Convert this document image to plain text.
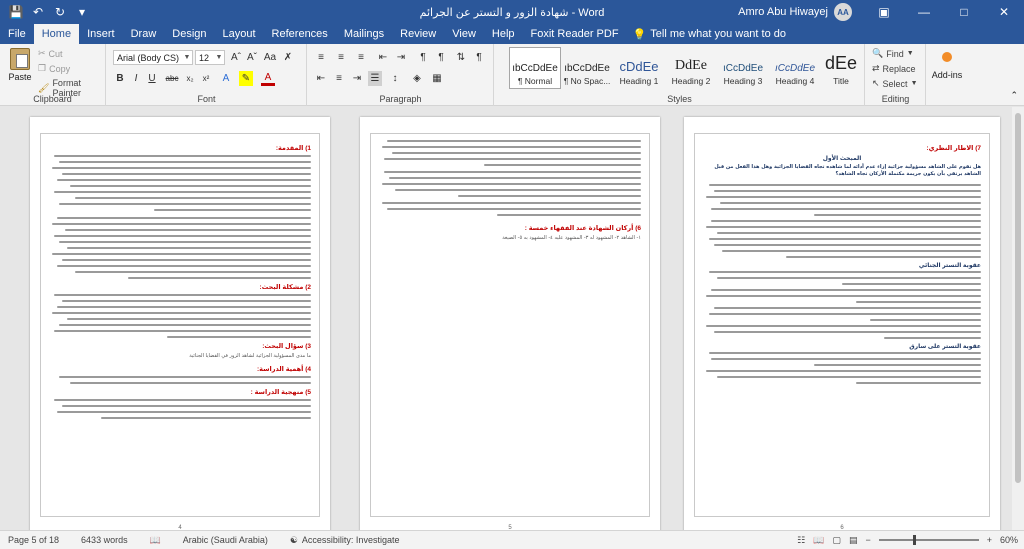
💾 ↶ ↻	▾	شهادة الزور و التستر عن الجرائم - Word	Amro Abu Hiwayej	AA	▣	—	□	✕
File	Home	Insert	Draw	Design	Layout	References	Mailings	Review	View	Help	Foxit Reader PDF	💡 Tell me what you want to do
Paste
✂ Cut
❐ Copy
🖌 Format Painter
Clipboard
Arial (Body CS) ▼ 12 ▼ Aˆ Aˇ Aa ✗
B	I	U	abc x₂	x²	A	✎	A
Font
≡	≡	≡	⇤ ⇥	¶	¶	⇅	¶
⇤	≡	⇥ ☰	↕	◈	▦
Paragraph
ıbCcDdEe
¶ Normal
ıbCcDdEe
¶ No Spac...
cDdEe
Heading 1
DdEe
Heading 2
ıCcDdEe
Heading 3
ıCcDdEe
Heading 4
dEe
Title
Styles
🔍 Find ▼
⇄ Replace
↖ Select ▼
Editing
Add-ins
⌃
1) المقدمة:
2) مشكلة البحث:
3) سؤال البحث:
ما مدى المسؤولية الجزائية لشاهد الزور في القضايا الجنائية
4) أهمية الدراسة:
5) منهجية الدراسة :
4
6) أركان الشهادة عند الفقهاء خمسة :
١- الشاهد ٢- المشهود له ٣- المشهود عليه ٤- المشهود به ٥- الصيغة
5
7) الاطار النظري:
المبحث الأول
هل تقوم على الشاهد مسؤولية جزائية إزاء عدم أدائه لما شاهده تجاه القضايا الجزائية وهل هذا الفعل من قبل الشاهد يرتقي بأن يكون جريمة مكتملة الأركان تجاه الشاهد؟
عقوبة التستر الجنائي
عقوبة التستر على سارق
6
Page 5 of 18 6433 words 📖 Arabic (Saudi Arabia) ☯ Accessibility: Investigate	☷ 📖 ▢ ▤ −	+ 60%
